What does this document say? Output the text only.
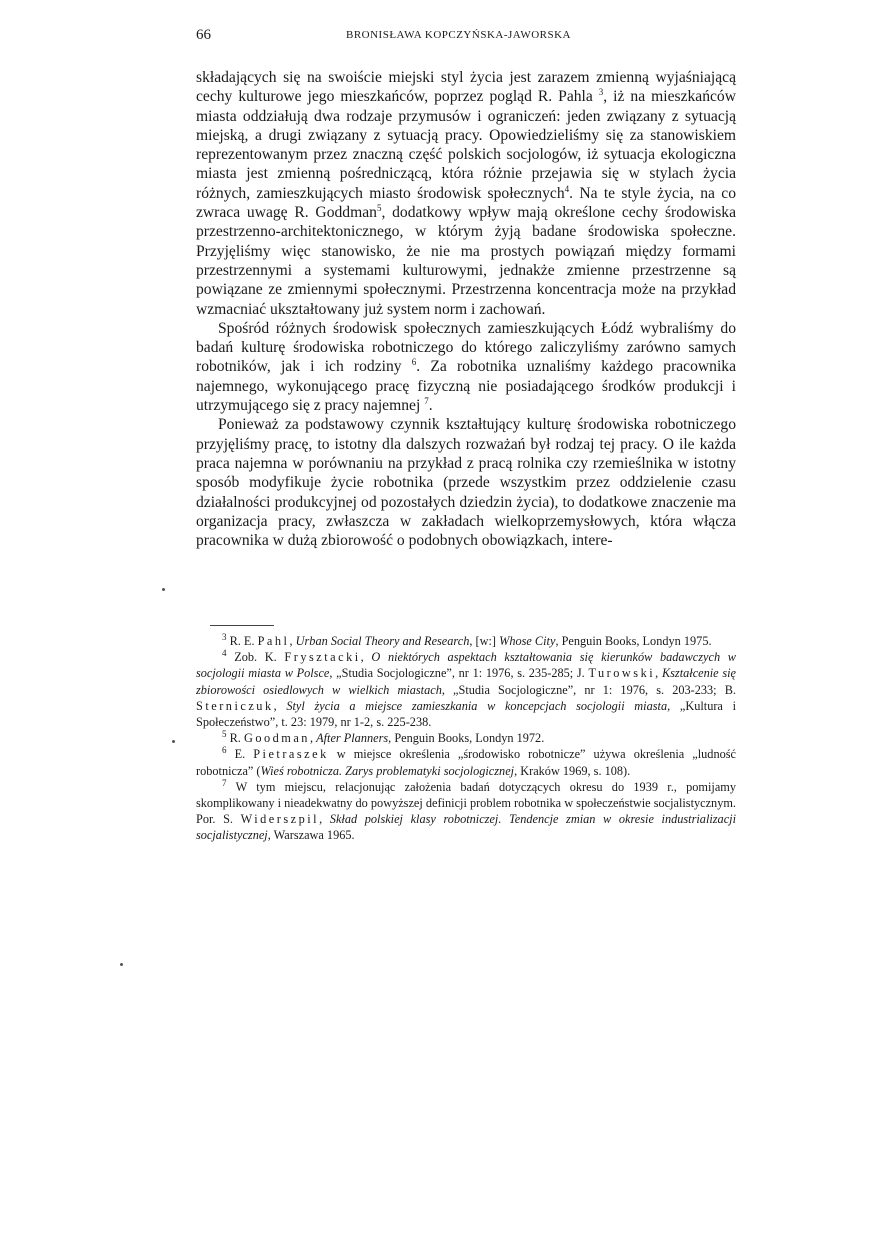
66	BRONISŁAWA KOPCZYŃSKA-JAWORSKA

składających się na swoiście miejski styl życia jest zarazem zmienną wyjaśniającą cechy kulturowe jego mieszkańców, poprzez pogląd R. Pahla $^3$, iż na mieszkańców miasta oddziałują dwa rodzaje przymusów i ograniczeń: jeden związany z sytuacją miejską, a drugi związany z sytuacją pracy. Opowiedzieliśmy się za stanowiskiem reprezentowanym przez znaczną część polskich socjologów, iż sytuacja ekologiczna miasta jest zmienną pośredniczącą, która różnie przejawia się w stylach życia różnych, zamieszkujących miasto środowisk społecznych$^4$. Na te style życia, na co zwraca uwagę R. Goddman$^5$, dodatkowy wpływ mają określone cechy środowiska przestrzenno-architektonicznego, w którym żyją badane środowiska społeczne. Przyjęliśmy więc stanowisko, że nie ma prostych powiązań między formami przestrzennymi a systemami kulturowymi, jednakże zmienne przestrzenne są powiązane ze zmiennymi społecznymi. Przestrzenna koncentracja może na przykład wzmacniać ukształtowany już system norm i zachowań.

Spośród różnych środowisk społecznych zamieszkujących Łódź wybraliśmy do badań kulturę środowiska robotniczego do którego zaliczyliśmy zarówno samych robotników, jak i ich rodziny $^6$. Za robotnika uznaliśmy każdego pracownika najemnego, wykonującego pracę fizyczną nie posiadającego środków produkcji i utrzymującego się z pracy najemnej $^7$.

Ponieważ za podstawowy czynnik kształtujący kulturę środowiska robotniczego przyjęliśmy pracę, to istotny dla dalszych rozważań był rodzaj tej pracy. O ile każda praca najemna w porównaniu na przykład z pracą rolnika czy rzemieślnika w istotny sposób modyfikuje życie robotnika (przede wszystkim przez oddzielenie czasu działalności produkcyjnej od pozostałych dziedzin życia), to dodatkowe znaczenie ma organizacja pracy, zwłaszcza w zakładach wielkoprzemysłowych, która włącza pracownika w dużą zbiorowość o podobnych obowiązkach, intere-

$^3$ R. E. Pahl, Urban Social Theory and Research, [w:] Whose City, Penguin Books, Londyn 1975.

$^4$ Zob. K. Frysztacki, O niektórych aspektach kształtowania się kierunków badawczych w socjologii miasta w Polsce, „Studia Socjologiczne”, nr 1: 1976, s. 235-285; J. Turowski, Kształcenie się zbiorowości osiedlowych w wielkich miastach, „Studia Socjologiczne”, nr 1: 1976, s. 203-233; B. Sterniczuk, Styl życia a miejsce zamieszkania w koncepcjach socjologii miasta, „Kultura i Społeczeństwo”, t. 23: 1979, nr 1-2, s. 225-238.

$^5$ R. Goodman, After Planners, Penguin Books, Londyn 1972.

$^6$ E. Pietraszek w miejsce określenia „środowisko robotnicze” używa określenia „ludność robotnicza” (Wieś robotnicza. Zarys problematyki socjologicznej, Kraków 1969, s. 108).

$^7$ W tym miejscu, relacjonując założenia badań dotyczących okresu do 1939 r., pomijamy skomplikowany i nieadekwatny do powyższej definicji problem robotnika w społeczeństwie socjalistycznym. Por. S. Widerszpil, Skład polskiej klasy robotniczej. Tendencje zmian w okresie industrializacji socjalistycznej, Warszawa 1965.
